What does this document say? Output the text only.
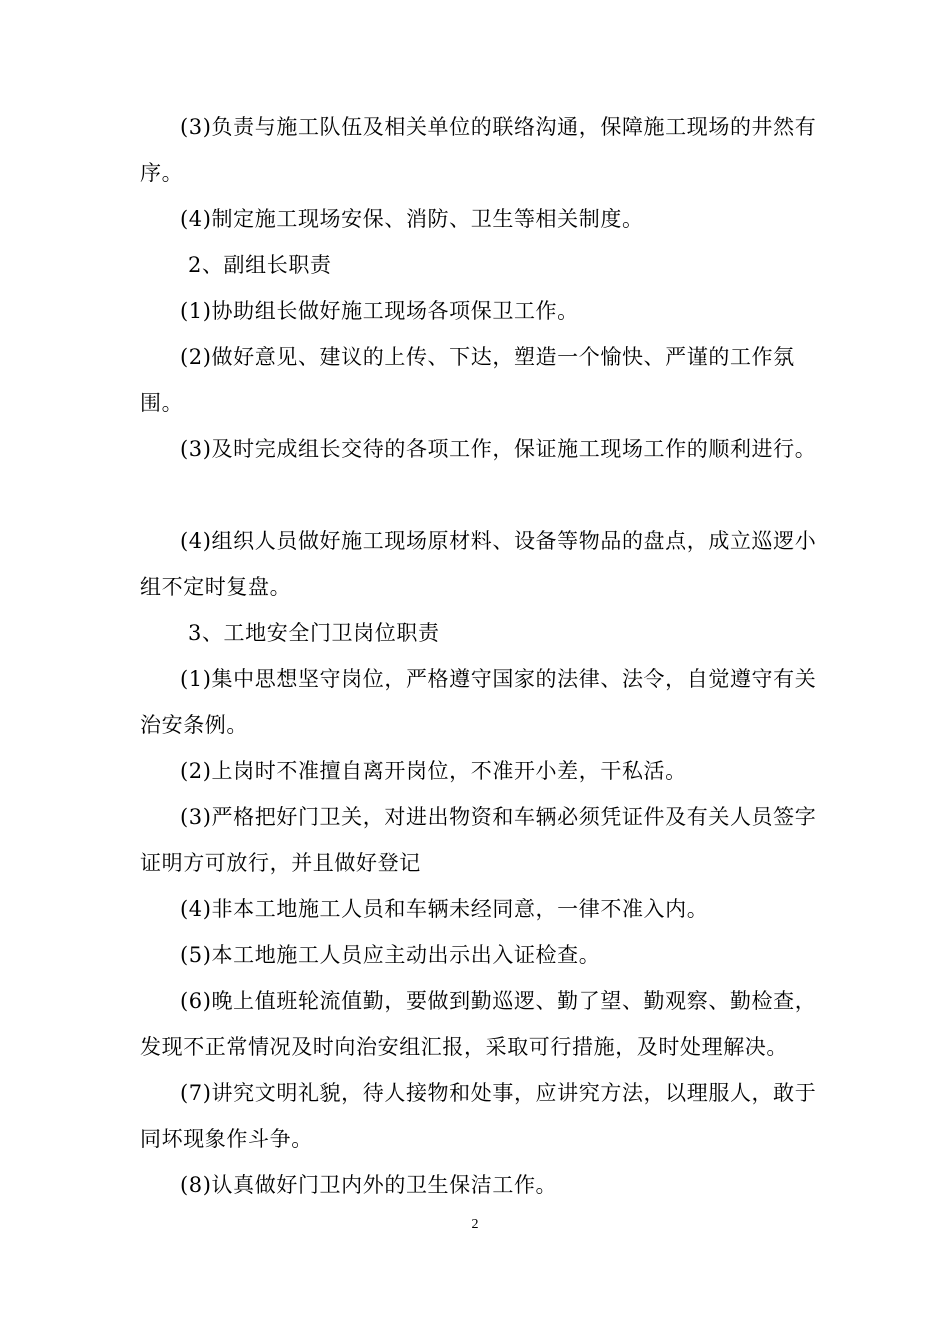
(3)负责与施工队伍及相关单位的联络沟通，保障施工现场的井然有序。

(4)制定施工现场安保、消防、卫生等相关制度。

2、副组长职责

(1)协助组长做好施工现场各项保卫工作。

(2)做好意见、建议的上传、下达，塑造一个愉快、严谨的工作氛围。

(3)及时完成组长交待的各项工作，保证施工现场工作的顺利进行。

(4)组织人员做好施工现场原材料、设备等物品的盘点，成立巡逻小组不定时复盘。

3、工地安全门卫岗位职责

(1)集中思想坚守岗位，严格遵守国家的法律、法令，自觉遵守有关治安条例。

(2)上岗时不准擅自离开岗位，不准开小差，干私活。

(3)严格把好门卫关，对进出物资和车辆必须凭证件及有关人员签字证明方可放行，并且做好登记

(4)非本工地施工人员和车辆未经同意，一律不准入内。

(5)本工地施工人员应主动出示出入证检查。

(6)晚上值班轮流值勤，要做到勤巡逻、勤了望、勤观察、勤检查，发现不正常情况及时向治安组汇报，采取可行措施，及时处理解决。

(7)讲究文明礼貌，待人接物和处事，应讲究方法，以理服人，敢于同坏现象作斗争。

(8)认真做好门卫内外的卫生保洁工作。

2
